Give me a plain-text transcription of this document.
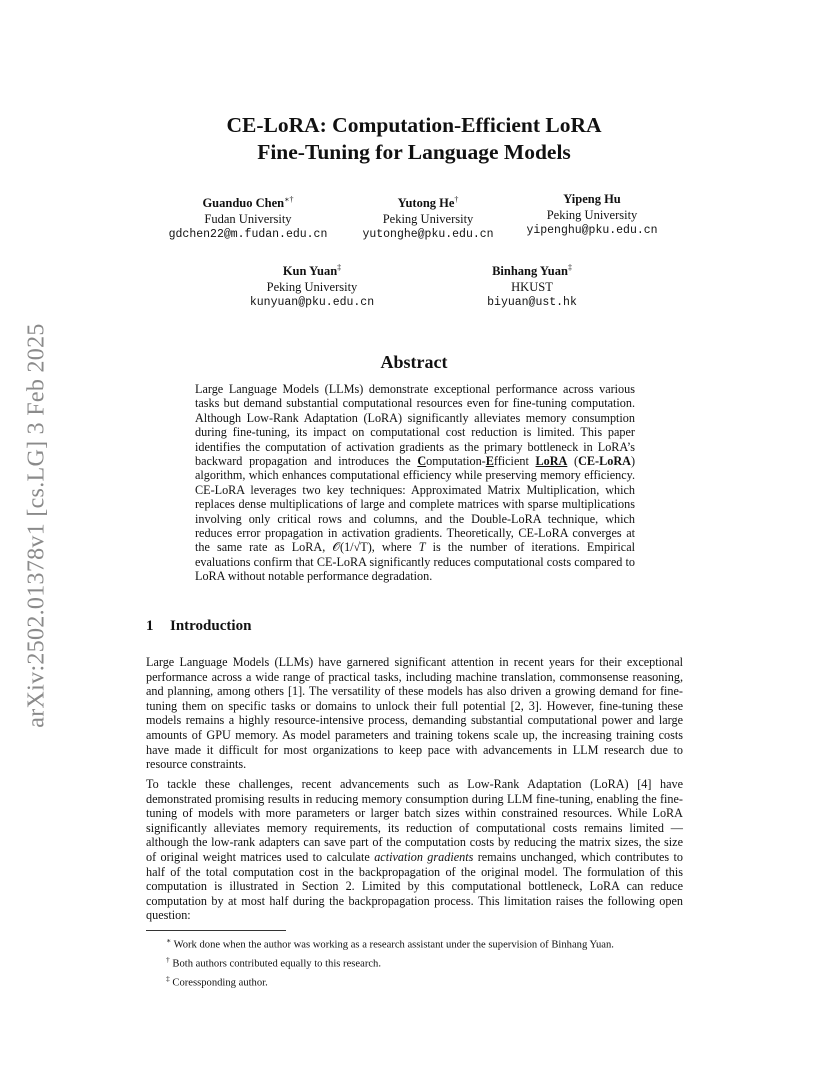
arXiv:2502.01378v1 [cs.LG] 3 Feb 2025
CE-LoRA: Computation-Efficient LoRA
Fine-Tuning for Language Models
Guanduo Chen∗†
Fudan University
gdchen22@m.fudan.edu.cn
Yutong He†
Peking University
yutonghe@pku.edu.cn
Yipeng Hu
Peking University
yipenghu@pku.edu.cn
Kun Yuan‡
Peking University
kunyuan@pku.edu.cn
Binhang Yuan‡
HKUST
biyuan@ust.hk
Abstract
Large Language Models (LLMs) demonstrate exceptional performance across various tasks but demand substantial computational resources even for fine-tuning computation. Although Low-Rank Adaptation (LoRA) significantly alleviates memory consumption during fine-tuning, its impact on computational cost reduction is limited. This paper identifies the computation of activation gradients as the primary bottleneck in LoRA’s backward propagation and introduces the Computation-Efficient LoRA (CE-LoRA) algorithm, which enhances computational efficiency while preserving memory efficiency. CE-LoRA leverages two key techniques: Approximated Matrix Multiplication, which replaces dense multiplications of large and complete matrices with sparse multiplications involving only critical rows and columns, and the Double-LoRA technique, which reduces error propagation in activation gradients. Theoretically, CE-LoRA converges at the same rate as LoRA, 𝒪(1/√T), where T is the number of iterations. Empirical evaluations confirm that CE-LoRA significantly reduces computational costs compared to LoRA without notable performance degradation.
1 Introduction
Large Language Models (LLMs) have garnered significant attention in recent years for their exceptional performance across a wide range of practical tasks, including machine translation, commonsense reasoning, and planning, among others [1]. The versatility of these models has also driven a growing demand for fine-tuning them on specific tasks or domains to unlock their full potential [2, 3]. However, fine-tuning these models remains a highly resource-intensive process, demanding substantial computational power and large amounts of GPU memory. As model parameters and training tokens scale up, the increasing training costs have made it difficult for most organizations to keep pace with advancements in LLM research due to resource constraints.
To tackle these challenges, recent advancements such as Low-Rank Adaptation (LoRA) [4] have demonstrated promising results in reducing memory consumption during LLM fine-tuning, enabling the fine-tuning of models with more parameters or larger batch sizes within constrained resources. While LoRA significantly alleviates memory requirements, its reduction of computational costs remains limited — although the low-rank adapters can save part of the computation costs by reducing the matrix sizes, the size of original weight matrices used to calculate activation gradients remains unchanged, which contributes to half of the total computation cost in the backpropagation of the original model. The formulation of this computation is illustrated in Section 2. Limited by this computational bottleneck, LoRA can reduce computation by at most half during the backpropagation process. This limitation raises the following open question:
∗ Work done when the author was working as a research assistant under the supervision of Binhang Yuan.
† Both authors contributed equally to this research.
‡ Coressponding author.
